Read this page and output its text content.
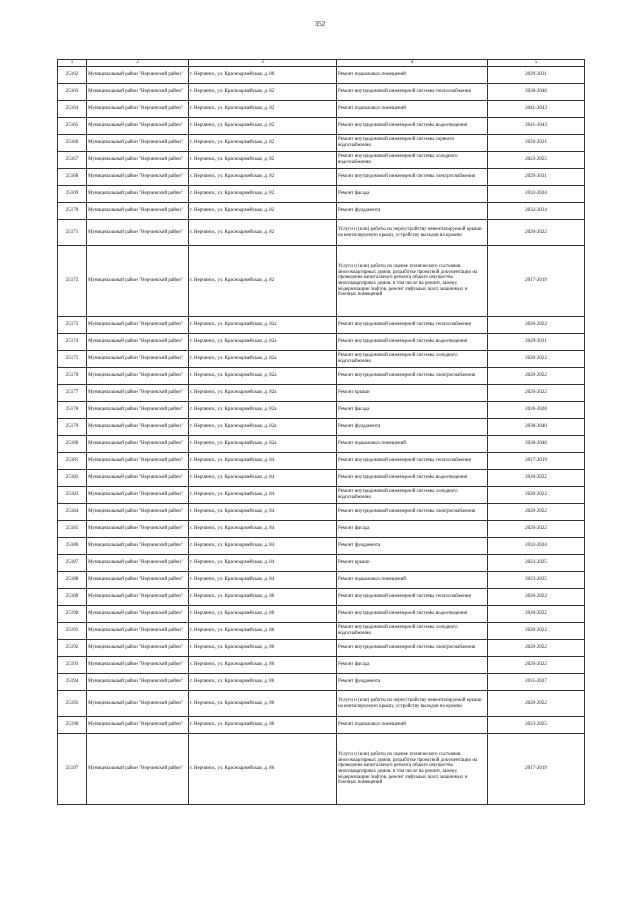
352
1	2	3	4	5
25162	Муниципальный район "Нерчинский район"	г. Нерчинск, ул. Красноармейская, д. 80	Ремонт подвальных помещений	2029-2031
25163	Муниципальный район "Нерчинский район"	г. Нерчинск, ул. Красноармейская, д. 82	Ремонт внутридомовой инженерной системы теплоснабжения	2038-2040
25164	Муниципальный район "Нерчинский район"	г. Нерчинск, ул. Красноармейская, д. 82	Ремонт подвальных помещений	2041-2043
25165	Муниципальный район "Нерчинский район"	г. Нерчинск, ул. Красноармейская, д. 82	Ремонт внутридомовой инженерной системы водоотведения	2041-2043
25166	Муниципальный район "Нерчинский район"	г. Нерчинск, ул. Красноармейская, д. 82	Ремонт внутридомовой инженерной системы горячего водоснабжения	2029-2031
25167	Муниципальный район "Нерчинский район"	г. Нерчинск, ул. Красноармейская, д. 82	Ремонт внутридомовой инженерной системы холодного водоснабжения	2023-2025
25168	Муниципальный район "Нерчинский район"	г. Нерчинск, ул. Красноармейская, д. 82	Ремонт внутридомовой инженерной системы электроснабжения	2029-2031
25169	Муниципальный район "Нерчинский район"	г. Нерчинск, ул. Красноармейская, д. 82	Ремонт фасада	2032-2034
25170	Муниципальный район "Нерчинский район"	г. Нерчинск, ул. Красноармейская, д. 82	Ремонт фундамента	2032-2034
25171	Муниципальный район "Нерчинский район"	г. Нерчинск, ул. Красноармейская, д. 82	Услуги и (или) работы по переустройству невентилируемой крыши на вентилируемую крышу, устройству выходов на кровлю	2020-2022
25172	Муниципальный район "Нерчинский район"	г. Нерчинск, ул. Красноармейская, д. 82	Услуги и (или) работы по оценке технического состояния многоквартирных домов, разработке проектной документации на проведение капитального ремонта общего имущества многоквартирных домов, в том числе на ремонт, замену, модернизацию лифтов, ремонт лифтовых шахт, машинных и блочных помещений	2017-2019
25173	Муниципальный район "Нерчинский район"	г. Нерчинск, ул. Красноармейская, д. 82а	Ремонт внутридомовой инженерной системы теплоснабжения	2020-2022
25174	Муниципальный район "Нерчинский район"	г. Нерчинск, ул. Красноармейская, д. 82а	Ремонт внутридомовой инженерной системы водоотведения	2029-2031
25175	Муниципальный район "Нерчинский район"	г. Нерчинск, ул. Красноармейская, д. 82а	Ремонт внутридомовой инженерной системы холодного водоснабжения	2020-2022
25176	Муниципальный район "Нерчинский район"	г. Нерчинск, ул. Красноармейская, д. 82а	Ремонт внутридомовой инженерной системы электроснабжения	2020-2022
25177	Муниципальный район "Нерчинский район"	г. Нерчинск, ул. Красноармейская, д. 82а	Ремонт крыши	2020-2022
25178	Муниципальный район "Нерчинский район"	г. Нерчинск, ул. Красноармейская, д. 82а	Ремонт фасада	2026-2028
25179	Муниципальный район "Нерчинский район"	г. Нерчинск, ул. Красноармейская, д. 82а	Ремонт фундамента	2038-2040
25180	Муниципальный район "Нерчинский район"	г. Нерчинск, ул. Красноармейская, д. 82а	Ремонт подвальных помещений	2038-2040
25181	Муниципальный район "Нерчинский район"	г. Нерчинск, ул. Красноармейская, д. 84	Ремонт внутридомовой инженерной системы теплоснабжения	2017-2019
25182	Муниципальный район "Нерчинский район"	г. Нерчинск, ул. Красноармейская, д. 84	Ремонт внутридомовой инженерной системы водоотведения	2020-2022
25183	Муниципальный район "Нерчинский район"	г. Нерчинск, ул. Красноармейская, д. 84	Ремонт внутридомовой инженерной системы холодного водоснабжения	2020-2022
25184	Муниципальный район "Нерчинский район"	г. Нерчинск, ул. Красноармейская, д. 84	Ремонт внутридомовой инженерной системы электроснабжения	2020-2022
25185	Муниципальный район "Нерчинский район"	г. Нерчинск, ул. Красноармейская, д. 84	Ремонт фасада	2020-2022
25186	Муниципальный район "Нерчинский район"	г. Нерчинск, ул. Красноармейская, д. 84	Ремонт фундамента	2032-2034
25187	Муниципальный район "Нерчинский район"	г. Нерчинск, ул. Красноармейская, д. 84	Ремонт крыши	2023-2025
25188	Муниципальный район "Нерчинский район"	г. Нерчинск, ул. Красноармейская, д. 84	Ремонт подвальных помещений	2023-2025
25189	Муниципальный район "Нерчинский район"	г. Нерчинск, ул. Красноармейская, д. 86	Ремонт внутридомовой инженерной системы теплоснабжения	2020-2022
25190	Муниципальный район "Нерчинский район"	г. Нерчинск, ул. Красноармейская, д. 86	Ремонт внутридомовой инженерной системы водоотведения	2020-2022
25191	Муниципальный район "Нерчинский район"	г. Нерчинск, ул. Красноармейская, д. 86	Ремонт внутридомовой инженерной системы холодного водоснабжения	2020-2022
25192	Муниципальный район "Нерчинский район"	г. Нерчинск, ул. Красноармейская, д. 86	Ремонт внутридомовой инженерной системы электроснабжения	2020-2022
25193	Муниципальный район "Нерчинский район"	г. Нерчинск, ул. Красноармейская, д. 86	Ремонт фасада	2020-2022
25194	Муниципальный район "Нерчинский район"	г. Нерчинск, ул. Красноармейская, д. 86	Ремонт фундамента	2035-2037
25195	Муниципальный район "Нерчинский район"	г. Нерчинск, ул. Красноармейская, д. 86	Услуги и (или) работы по переустройству невентилируемой крыши на вентилируемую крышу, устройству выходов на кровлю	2020-2022
25196	Муниципальный район "Нерчинский район"	г. Нерчинск, ул. Красноармейская, д. 86	Ремонт подвальных помещений	2023-2025
25197	Муниципальный район "Нерчинский район"	г. Нерчинск, ул. Красноармейская, д. 86	Услуги и (или) работы по оценке технического состояния многоквартирных домов, разработке проектной документации на проведение капитального ремонта общего имущества многоквартирных домов, в том числе на ремонт, замену, модернизацию лифтов, ремонт лифтовых шахт, машинных и блочных помещений	2017-2019
